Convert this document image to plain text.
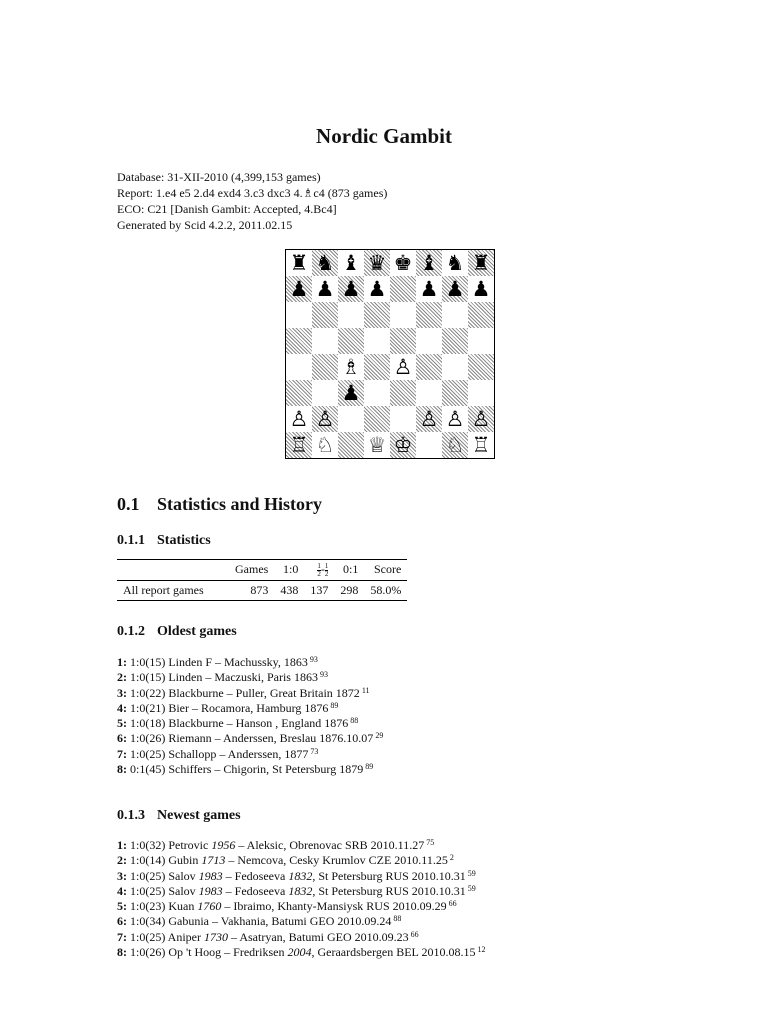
Nordic Gambit
Database: 31-XII-2010 (4,399,153 games)
Report: 1.e4 e5 2.d4 exd4 3.c3 dxc3 4.♗c4 (873 games)
ECO: C21 [Danish Gambit: Accepted, 4.Bc4]
Generated by Scid 4.2.2, 2011.02.15
♜ ♞ ♝ ♛ ♚ ♝ ♞ ♜
♟ ♟ ♟ ♟ ♟ ♟ ♟
♗ ♙
♟
♙ ♙	♙ ♙ ♙
♖ ♘ ♕ ♔ ♘ ♖
0.1 Statistics and History
0.1.1 Statistics
	Games	1:0	$\frac{1}{2} - \frac{1}{2}$	0:1	Score
All report games	873	438	137	298	58.0%
0.1.2 Oldest games
1: 1:0(15) Linden F – Machussky, 1863 $^{93}$
2: 1:0(15) Linden – Maczuski, Paris 1863 $^{93}$
3: 1:0(22) Blackburne – Puller, Great Britain 1872 $^{11}$
4: 1:0(21) Bier – Rocamora, Hamburg 1876 $^{89}$
5: 1:0(18) Blackburne – Hanson , England 1876 $^{88}$
6: 1:0(26) Riemann – Anderssen, Breslau 1876.10.07 $^{29}$
7: 1:0(25) Schallopp – Anderssen, 1877 $^{73}$
8: 0:1(45) Schiffers – Chigorin, St Petersburg 1879 $^{89}$
0.1.3 Newest games
1: 1:0(32) Petrovic 1956 – Aleksic, Obrenovac SRB 2010.11.27 $^{75}$
2: 1:0(14) Gubin 1713 – Nemcova, Cesky Krumlov CZE 2010.11.25 $^2$
3: 1:0(25) Salov 1983 – Fedoseeva 1832, St Petersburg RUS 2010.10.31 $^{59}$
4: 1:0(25) Salov 1983 – Fedoseeva 1832, St Petersburg RUS 2010.10.31 $^{59}$
5: 1:0(23) Kuan 1760 – Ibraimo, Khanty-Mansiysk RUS 2010.09.29 $^{66}$
6: 1:0(34) Gabunia – Vakhania, Batumi GEO 2010.09.24 $^{88}$
7: 1:0(25) Aniper 1730 – Asatryan, Batumi GEO 2010.09.23 $^{66}$
8: 1:0(26) Op 't Hoog – Fredriksen 2004, Geraardsbergen BEL 2010.08.15 $^{12}$
